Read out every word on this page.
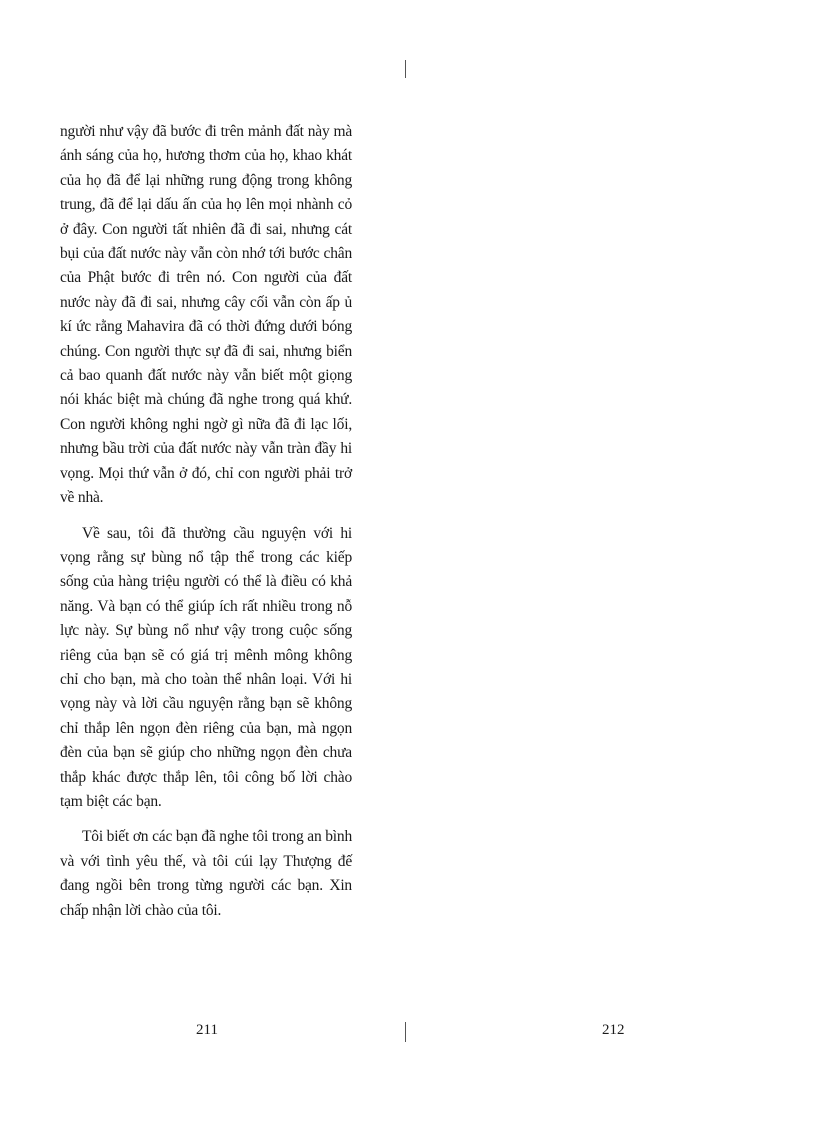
người như vậy đã bước đi trên mảnh đất này mà ánh sáng của họ, hương thơm của họ, khao khát của họ đã để lại những rung động trong không trung, đã để lại dấu ấn của họ lên mọi nhành cỏ ở đây. Con người tất nhiên đã đi sai, nhưng cát bụi của đất nước này vẫn còn nhớ tới bước chân của Phật bước đi trên nó. Con người của đất nước này đã đi sai, nhưng cây cối vẫn còn ấp ủ kí ức rằng Mahavira đã có thời đứng dưới bóng chúng. Con người thực sự đã đi sai, nhưng biển cả bao quanh đất nước này vẫn biết một giọng nói khác biệt mà chúng đã nghe trong quá khứ. Con người không nghi ngờ gì nữa đã đi lạc lối, nhưng bầu trời của đất nước này vẫn tràn đầy hi vọng. Mọi thứ vẫn ở đó, chỉ con người phải trở về nhà.

Về sau, tôi đã thường cầu nguyện với hi vọng rằng sự bùng nổ tập thể trong các kiếp sống của hàng triệu người có thể là điều có khả năng. Và bạn có thể giúp ích rất nhiều trong nỗ lực này. Sự bùng nổ như vậy trong cuộc sống riêng của bạn sẽ có giá trị mênh mông không chỉ cho bạn, mà cho toàn thể nhân loại. Với hi vọng này và lời cầu nguyện rằng bạn sẽ không chỉ thắp lên ngọn đèn riêng của bạn, mà ngọn đèn của bạn sẽ giúp cho những ngọn đèn chưa thắp khác được thắp lên, tôi công bố lời chào tạm biệt các bạn.

Tôi biết ơn các bạn đã nghe tôi trong an bình và với tình yêu thế, và tôi cúi lạy Thượng đế đang ngồi bên trong từng người các bạn. Xin chấp nhận lời chào của tôi.

211	212
